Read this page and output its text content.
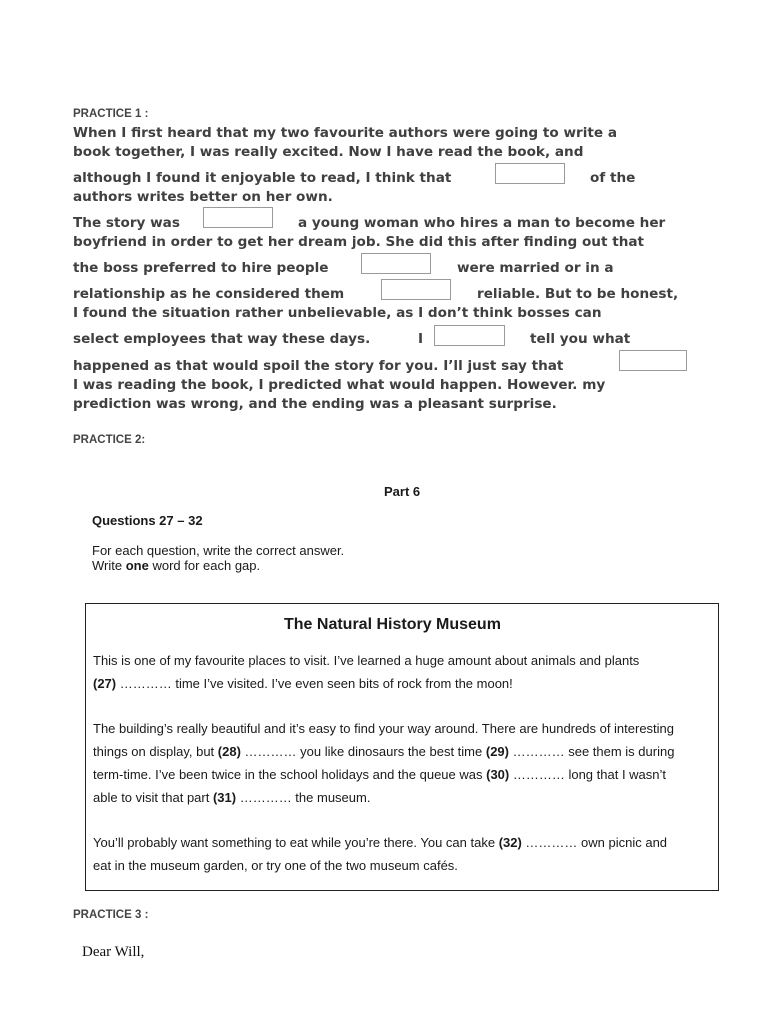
PRACTICE 1 :
When I first heard that my two favourite authors were going to write a
book together, I was really excited. Now I have read the book, and
although I found it enjoyable to read, I think that	of the
authors writes better on her own.
The story was	a young woman who hires a man to become her
boyfriend in order to get her dream job. She did this after finding out that
the boss preferred to hire people	were married or in a
relationship as he considered them	reliable. But to be honest,
I found the situation rather unbelievable, as I don’t think bosses can
select employees that way these days.	I	tell you what
happened as that would spoil the story for you. I’ll just say that
I was reading the book, I predicted what would happen. However. my
prediction was wrong, and the ending was a pleasant surprise.
PRACTICE 2:
Part 6
Questions 27 – 32
For each question, write the correct answer.
Write one word for each gap.
The Natural History Museum
This is one of my favourite places to visit. I’ve learned a huge amount about animals and plants
(27) ………… time I’ve visited. I’ve even seen bits of rock from the moon!
The building’s really beautiful and it’s easy to find your way around. There are hundreds of interesting
things on display, but (28) ………… you like dinosaurs the best time (29) ………… see them is during
term-time. I’ve been twice in the school holidays and the queue was (30) ………… long that I wasn’t
able to visit that part (31) ………… the museum.
You’ll probably want something to eat while you’re there. You can take (32) ………… own picnic and
eat in the museum garden, or try one of the two museum cafés.
PRACTICE 3 :
Dear Will,
